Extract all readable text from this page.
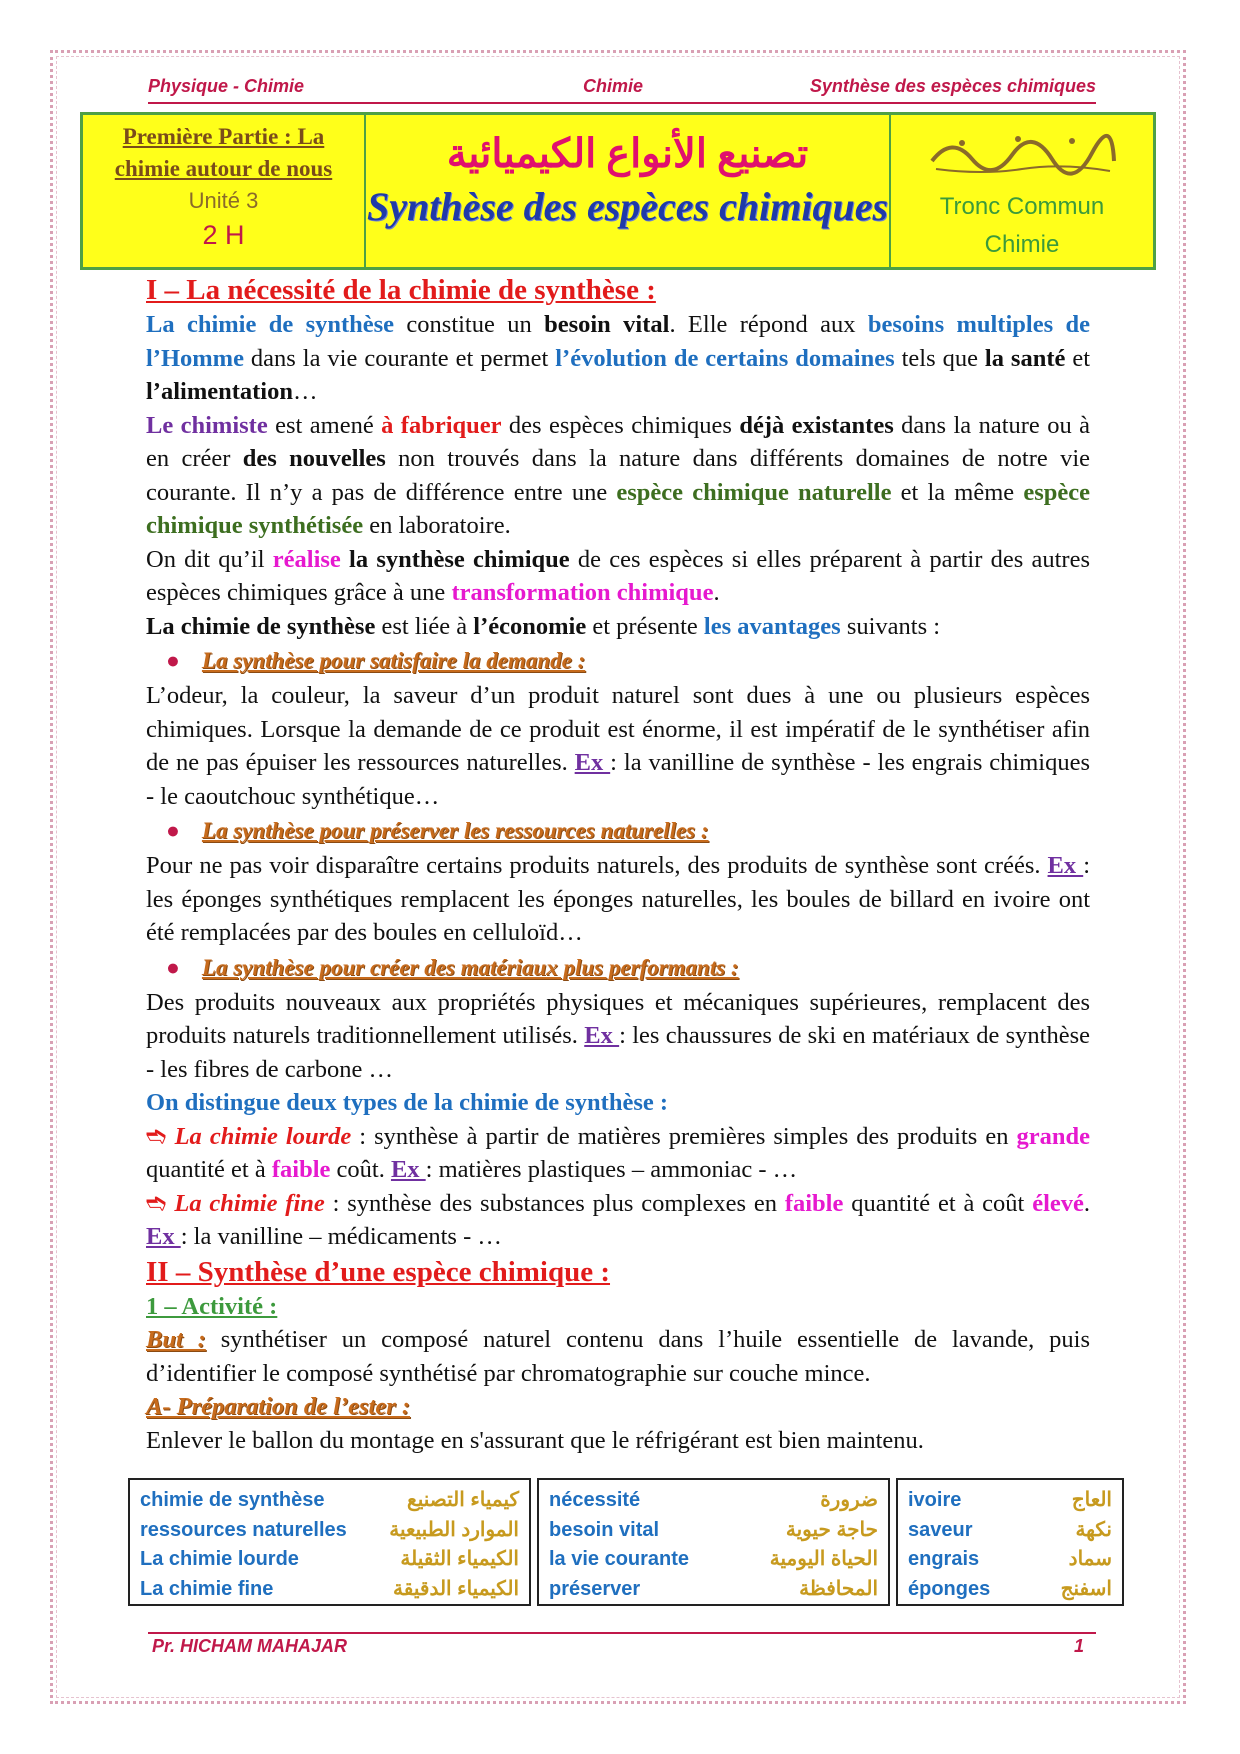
Physique - Chimie	Chimie	Synthèse des espèces chimiques
Première Partie : La
chimie autour de nous
Unité 3
2 H
تصنيع الأنواع الكيميائية
Synthèse des espèces chimiques	Tronc Commun
Chimie

I – La nécessité de la chimie de synthèse :

La chimie de synthèse constitue un besoin vital. Elle répond aux besoins multiples de l’Homme dans la vie courante et permet l’évolution de certains domaines tels que la santé et l’alimentation…

Le chimiste est amené à fabriquer des espèces chimiques déjà existantes dans la nature ou à en créer des nouvelles non trouvés dans la nature dans différents domaines de notre vie courante. Il n’y a pas de différence entre une espèce chimique naturelle et la même espèce chimique synthétisée en laboratoire.

On dit qu’il réalise la synthèse chimique de ces espèces si elles préparent à partir des autres espèces chimiques grâce à une transformation chimique.

La chimie de synthèse est liée à l’économie et présente les avantages suivants :

● La synthèse pour satisfaire la demande :

L’odeur, la couleur, la saveur d’un produit naturel sont dues à une ou plusieurs espèces chimiques. Lorsque la demande de ce produit est énorme, il est impératif de le synthétiser afin de ne pas épuiser les ressources naturelles. Ex : la vanilline de synthèse - les engrais chimiques - le caoutchouc synthétique…

● La synthèse pour préserver les ressources naturelles :

Pour ne pas voir disparaître certains produits naturels, des produits de synthèse sont créés. Ex : les éponges synthétiques remplacent les éponges naturelles, les boules de billard en ivoire ont été remplacées par des boules en celluloïd…

● La synthèse pour créer des matériaux plus performants :

Des produits nouveaux aux propriétés physiques et mécaniques supérieures, remplacent des produits naturels traditionnellement utilisés. Ex : les chaussures de ski en matériaux de synthèse - les fibres de carbone …

On distingue deux types de la chimie de synthèse :

➬ La chimie lourde : synthèse à partir de matières premières simples des produits en grande quantité et à faible coût. Ex : matières plastiques – ammoniac - …

➬ La chimie fine : synthèse des substances plus complexes en faible quantité et à coût élevé. Ex : la vanilline – médicaments - …

II – Synthèse d’une espèce chimique :

1 – Activité :

But : synthétiser un composé naturel contenu dans l’huile essentielle de lavande, puis d’identifier le composé synthétisé par chromatographie sur couche mince.

A- Préparation de l’ester :

Enlever le ballon du montage en s'assurant que le réfrigérant est bien maintenu.

chimie de synthèse	كيمياء التصنيع
ressources naturelles الموارد الطبيعية
La chimie lourde	الكيمياء الثقيلة
La chimie fine	الكيمياء الدقيقة
nécessité	ضرورة
besoin vital	حاجة حيوية
la vie courante	الحياة اليومية
préserver	المحافظة
ivoire	العاج
saveur	نكهة
engrais	سماد
éponges	اسفنج
Pr. HICHAM MAHAJAR	1
